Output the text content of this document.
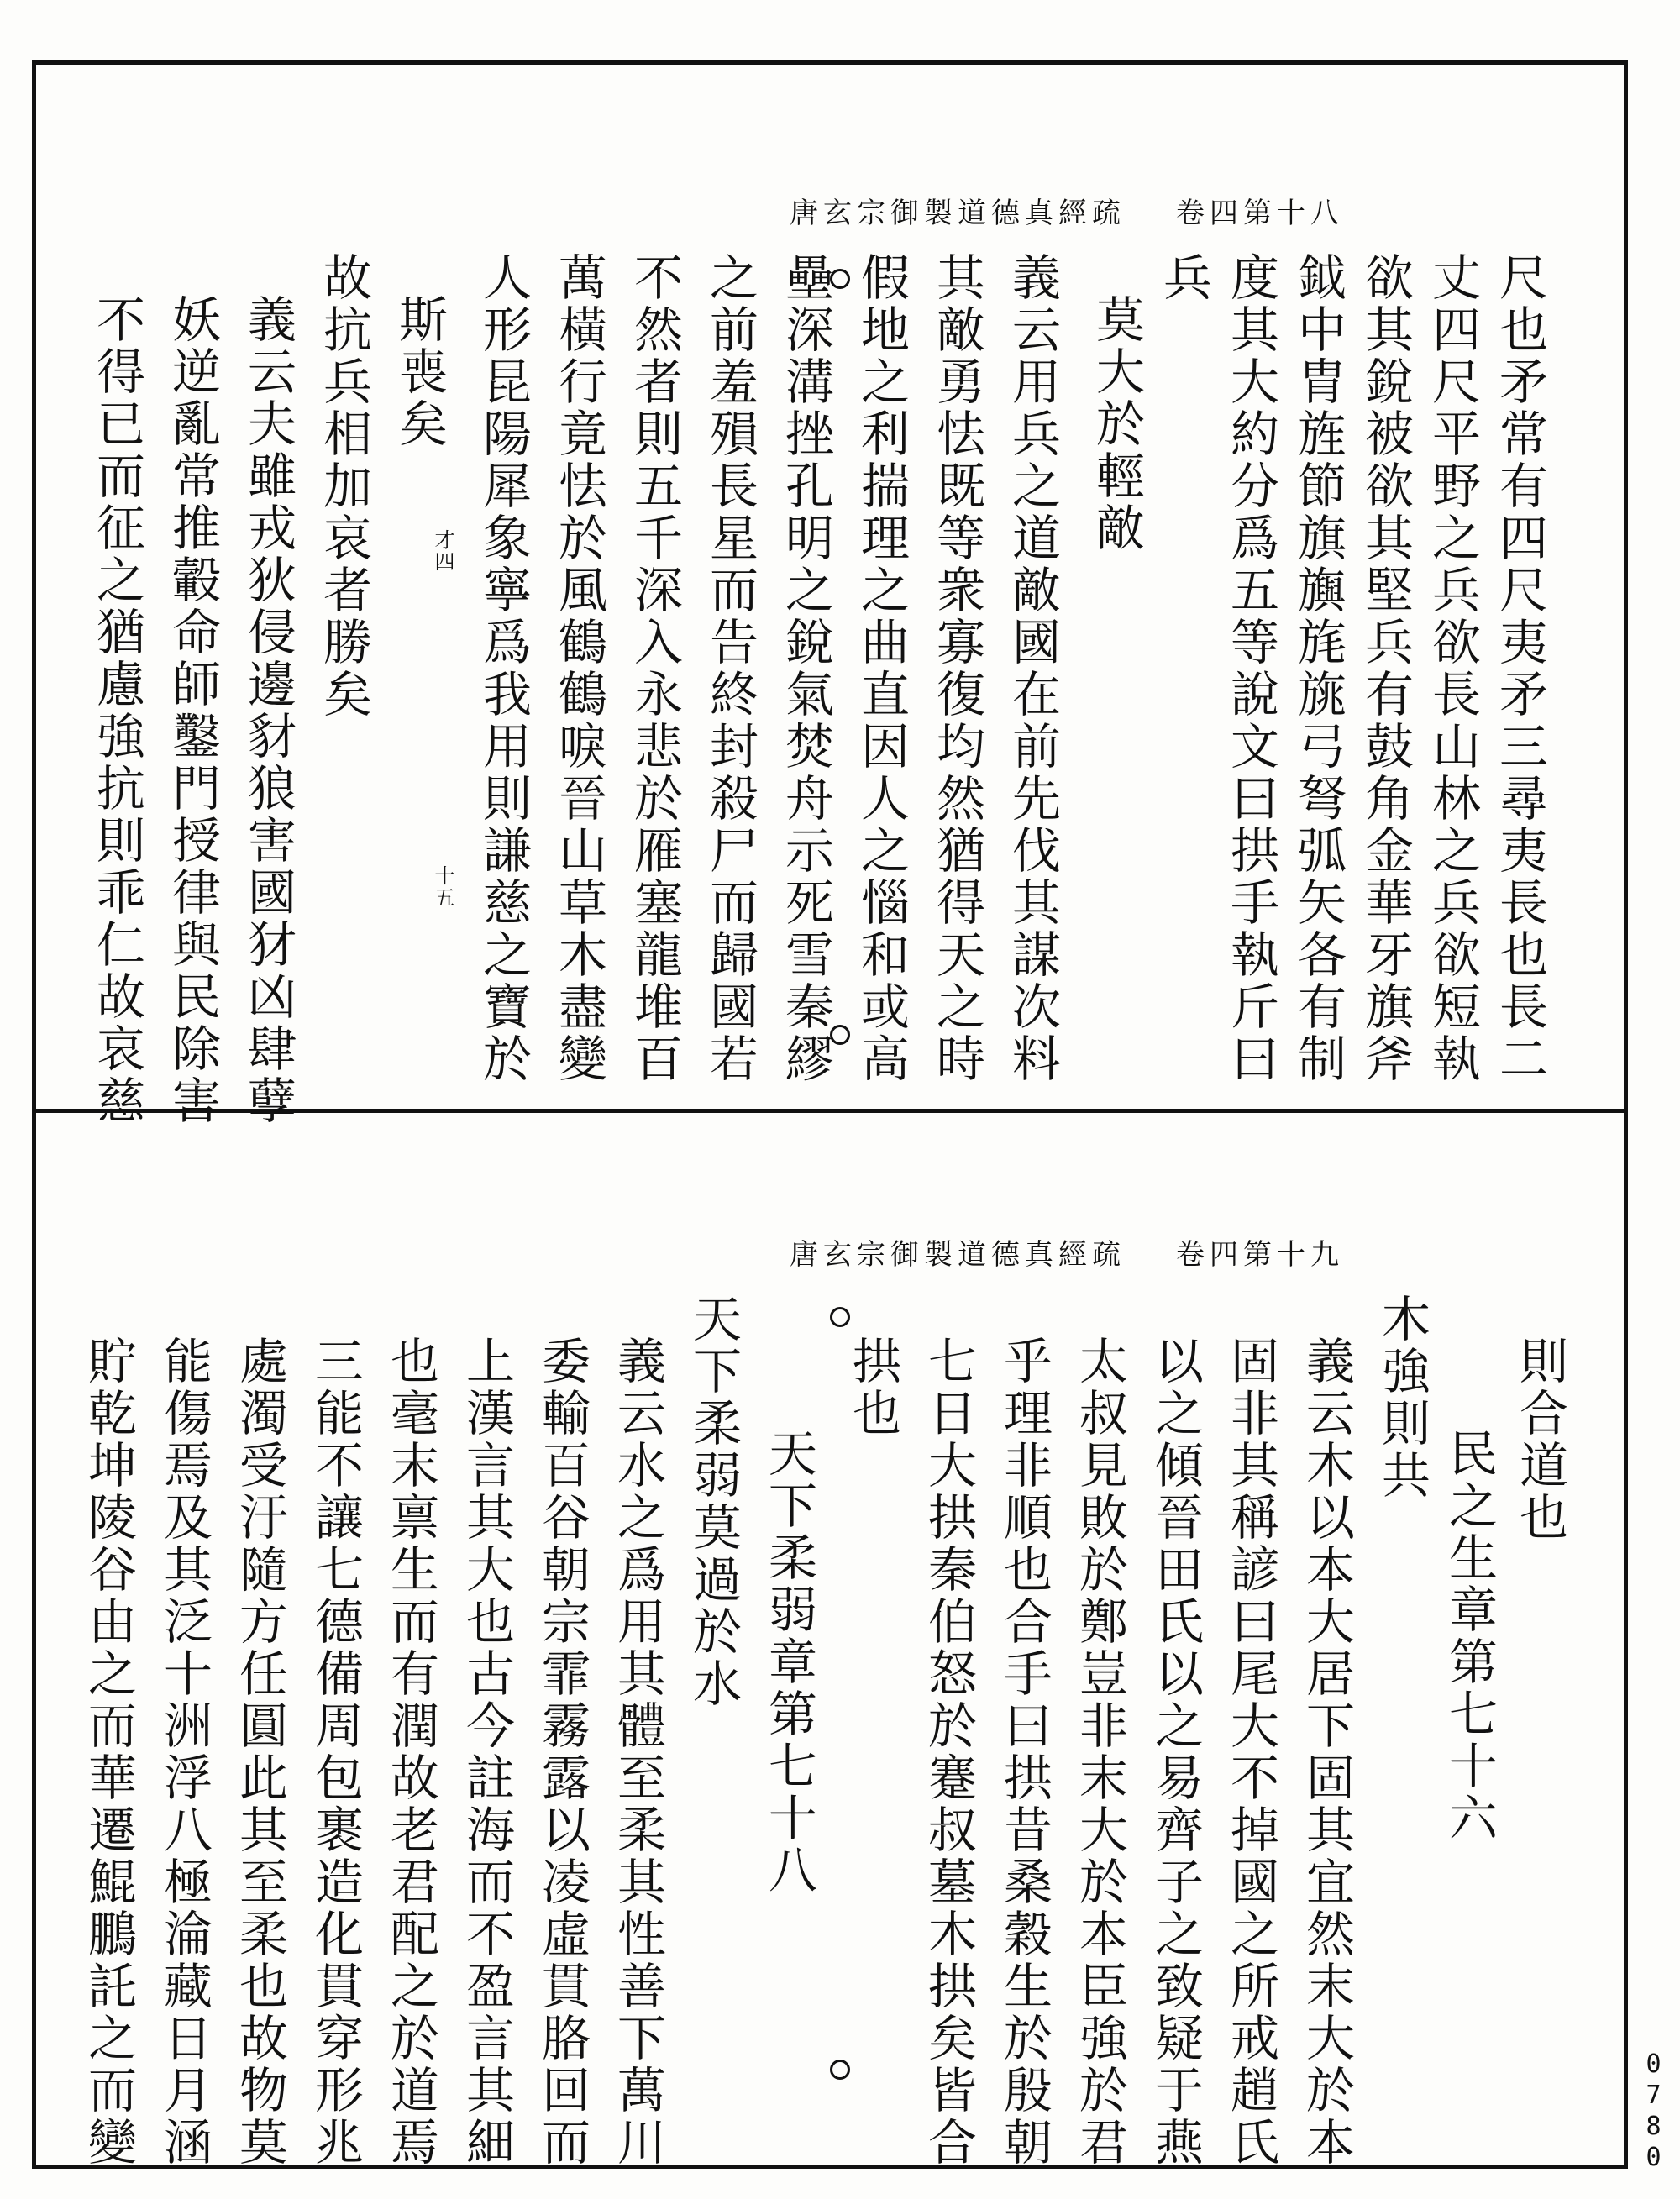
唐玄宗御製道德真經疏 卷四第十八
唐玄宗御製道德真經疏 卷四第十九
尺也矛常有四尺夷矛三尋夷長也長二
丈四尺平野之兵欲長山林之兵欲短執
欲其銳被欲其堅兵有鼓角金華牙旗斧
鉞中胄旌節旗旟旄旐弓弩弧矢各有制
度其大約分爲五等說文曰拱手執斤曰
兵
莫大於輕敵
義云用兵之道敵國在前先伐其謀次料
其敵勇怯既等衆寡復均然猶得天之時
假地之利揣理之曲直因人之惱和或高
壘深溝挫孔明之銳氣焚舟示死雪秦繆
之前羞殞長星而告終封殺尸而歸國若
不然者則五千深入永悲於雁塞龍堆百
萬橫行竟怯於風鶴鶴唳晉山草木盡變
人形昆陽犀象寧爲我用則謙慈之寶於
斯喪矣
故抗兵相加哀者勝矣
義云夫雖戎狄侵邊豺狼害國犲凶肆孽
妖逆亂常推轂命師鑿門授律與民除害
不得已而征之猶慮強抗則乖仁故哀慈	才四
十五
則合道也
民之生章第七十六
木強則共
義云木以本大居下固其宜然末大於本
固非其稱諺曰尾大不掉國之所戒趙氏
以之傾晉田氏以之易齊子之致疑于燕
太叔見敗於鄭豈非末大於本臣強於君
乎理非順也合手曰拱昔桑穀生於殷朝
七日大拱秦伯怒於蹇叔墓木拱矣皆合
拱也
天下柔弱章第七十八
天下柔弱莫過於水
義云水之爲用其體至柔其性善下萬川
委輸百谷朝宗霏霧露以凌虛貫胳回而
上漢言其大也古今註海而不盈言其細
也毫末禀生而有潤故老君配之於道焉
三能不讓七德備周包裹造化貫穿形兆
處濁受汙隨方任圓此其至柔也故物莫
能傷焉及其泛十洲浮八極淪藏日月涵
貯乾坤陵谷由之而華遷鯤鵬託之而變	0780
